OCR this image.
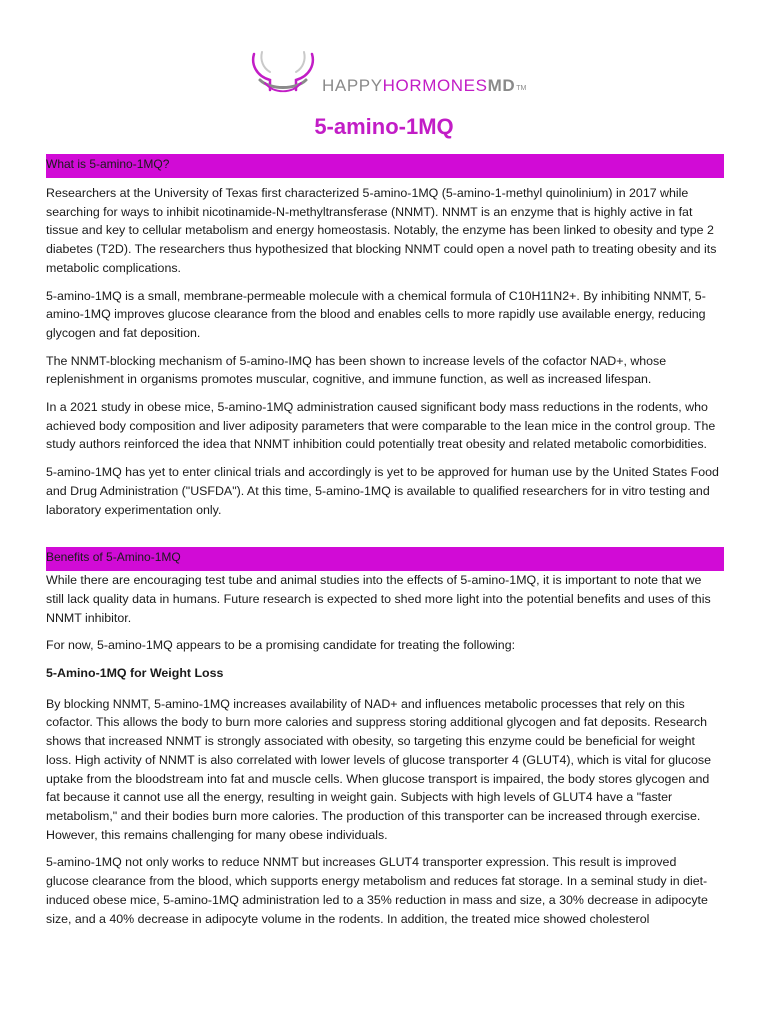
HAPPYHORMONESMDTM
5-amino-1MQ
What is 5-amino-1MQ?

Researchers at the University of Texas first characterized 5-amino-1MQ (5-amino-1-methyl quinolinium) in 2017 while searching for ways to inhibit nicotinamide-N-methyltransferase (NNMT). NNMT is an enzyme that is highly active in fat tissue and key to cellular metabolism and energy homeostasis. Notably, the enzyme has been linked to obesity and type 2 diabetes (T2D). The researchers thus hypothesized that blocking NNMT could open a novel path to treating obesity and its metabolic complications.

5-amino-1MQ is a small, membrane-permeable molecule with a chemical formula of C10H11N2+. By inhibiting NNMT, 5-amino-1MQ improves glucose clearance from the blood and enables cells to more rapidly use available energy, reducing glycogen and fat deposition.

The NNMT-blocking mechanism of 5-amino-IMQ has been shown to increase levels of the cofactor NAD+, whose replenishment in organisms promotes muscular, cognitive, and immune function, as well as increased lifespan.

In a 2021 study in obese mice, 5-amino-1MQ administration caused significant body mass reductions in the rodents, who achieved body composition and liver adiposity parameters that were comparable to the lean mice in the control group. The study authors reinforced the idea that NNMT inhibition could potentially treat obesity and related metabolic comorbidities.

5-amino-1MQ has yet to enter clinical trials and accordingly is yet to be approved for human use by the United States Food and Drug Administration ("USFDA"). At this time, 5-amino-1MQ is available to qualified researchers for in vitro testing and laboratory experimentation only.

Benefits of 5-Amino-1MQ

While there are encouraging test tube and animal studies into the effects of 5-amino-1MQ, it is important to note that we still lack quality data in humans. Future research is expected to shed more light into the potential benefits and uses of this NNMT inhibitor.

For now, 5-amino-1MQ appears to be a promising candidate for treating the following:

5-Amino-1MQ for Weight Loss

By blocking NNMT, 5-amino-1MQ increases availability of NAD+ and influences metabolic processes that rely on this cofactor. This allows the body to burn more calories and suppress storing additional glycogen and fat deposits. Research shows that increased NNMT is strongly associated with obesity, so targeting this enzyme could be beneficial for weight loss. High activity of NNMT is also correlated with lower levels of glucose transporter 4 (GLUT4), which is vital for glucose uptake from the bloodstream into fat and muscle cells. When glucose transport is impaired, the body stores glycogen and fat because it cannot use all the energy, resulting in weight gain. Subjects with high levels of GLUT4 have a "faster metabolism," and their bodies burn more calories. The production of this transporter can be increased through exercise. However, this remains challenging for many obese individuals.

5-amino-1MQ not only works to reduce NNMT but increases GLUT4 transporter expression. This result is improved glucose clearance from the blood, which supports energy metabolism and reduces fat storage. In a seminal study in diet-induced obese mice, 5-amino-1MQ administration led to a 35% reduction in mass and size, a 30% decrease in adipocyte size, and a 40% decrease in adipocyte volume in the rodents. In addition, the treated mice showed cholesterol
